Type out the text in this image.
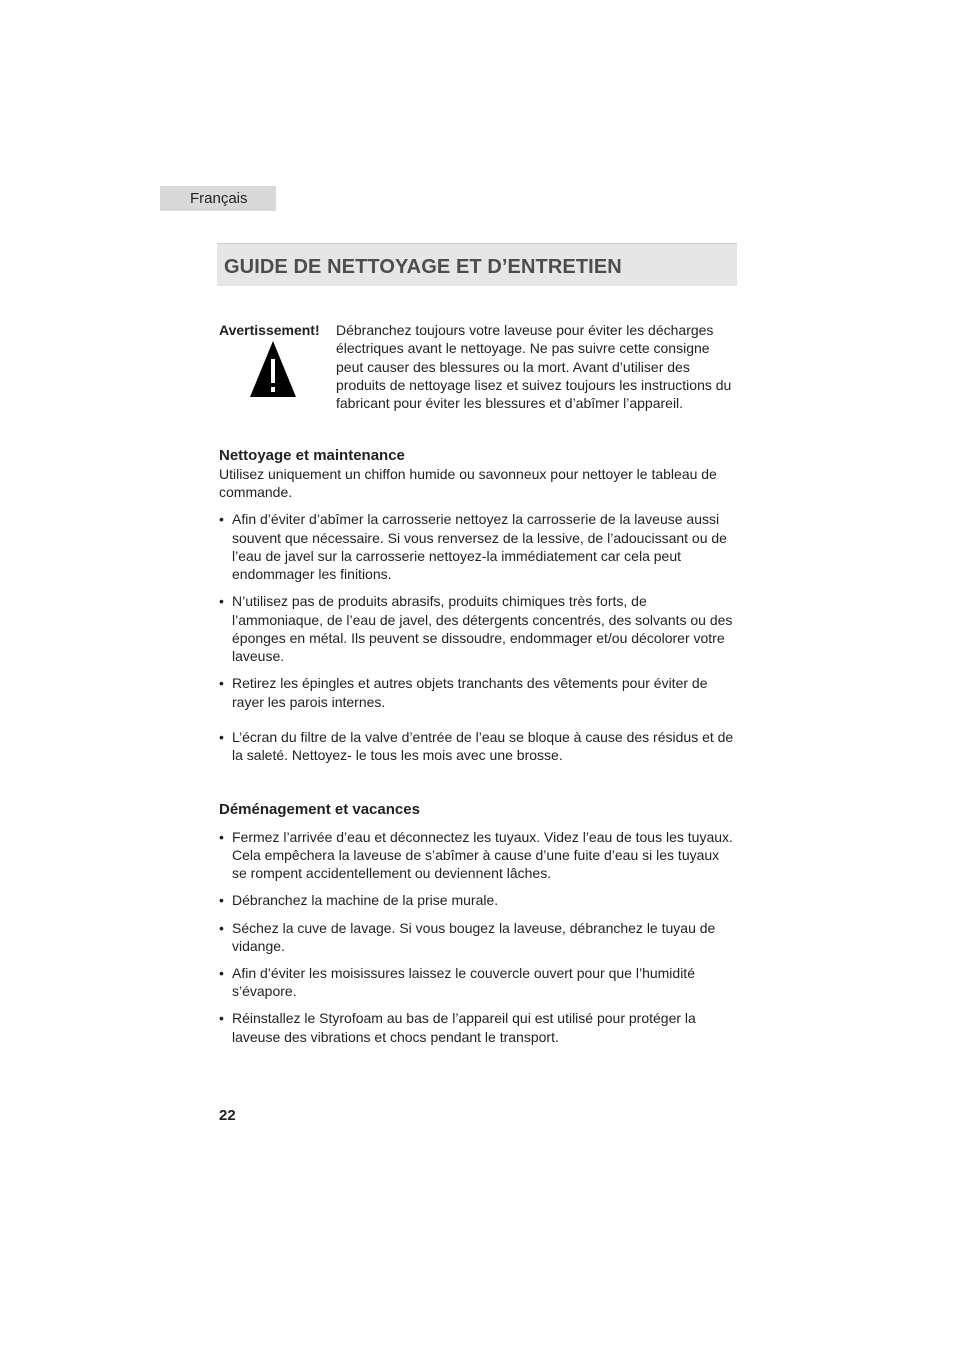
Français
GUIDE DE NETTOYAGE ET D’ENTRETIEN
Avertissement! Débranchez toujours votre laveuse pour éviter les décharges électriques avant le nettoyage. Ne pas suivre cette consigne peut causer des blessures ou la mort. Avant d’utiliser des produits de nettoyage lisez et suivez toujours les instructions du fabricant pour éviter les blessures et d’abîmer l’appareil.
Nettoyage et maintenance

Utilisez uniquement un chiffon humide ou savonneux pour nettoyer le tableau de commande.

• Afin d’éviter d’abîmer la carrosserie nettoyez la carrosserie de la laveuse aussi souvent que nécessaire. Si vous renversez de la lessive, de l’adoucissant ou de l’eau de javel sur la carrosserie nettoyez-la immédiatement car cela peut endommager les finitions.
• N’utilisez pas de produits abrasifs, produits chimiques très forts, de l’ammoniaque, de l’eau de javel, des détergents concentrés, des solvants ou des éponges en métal. Ils peuvent se dissoudre, endommager et/ou décolorer votre laveuse.
• Retirez les épingles et autres objets tranchants des vêtements pour éviter de rayer les parois internes.
• L’écran du filtre de la valve d’entrée de l’eau se bloque à cause des résidus et de la saleté. Nettoyez- le tous les mois avec une brosse.
Déménagement et vacances
• Fermez l’arrivée d’eau et déconnectez les tuyaux. Videz l’eau de tous les tuyaux. Cela empêchera la laveuse de s’abîmer à cause d’une fuite d’eau si les tuyaux se rompent accidentellement ou deviennent lâches.
• Débranchez la machine de la prise murale.
• Séchez la cuve de lavage. Si vous bougez la laveuse, débranchez le tuyau de vidange.
• Afin d’éviter les moisissures laissez le couvercle ouvert pour que l’humidité s’évapore.
• Réinstallez le Styrofoam au bas de l’appareil qui est utilisé pour protéger la laveuse des vibrations et chocs pendant le transport.
22
